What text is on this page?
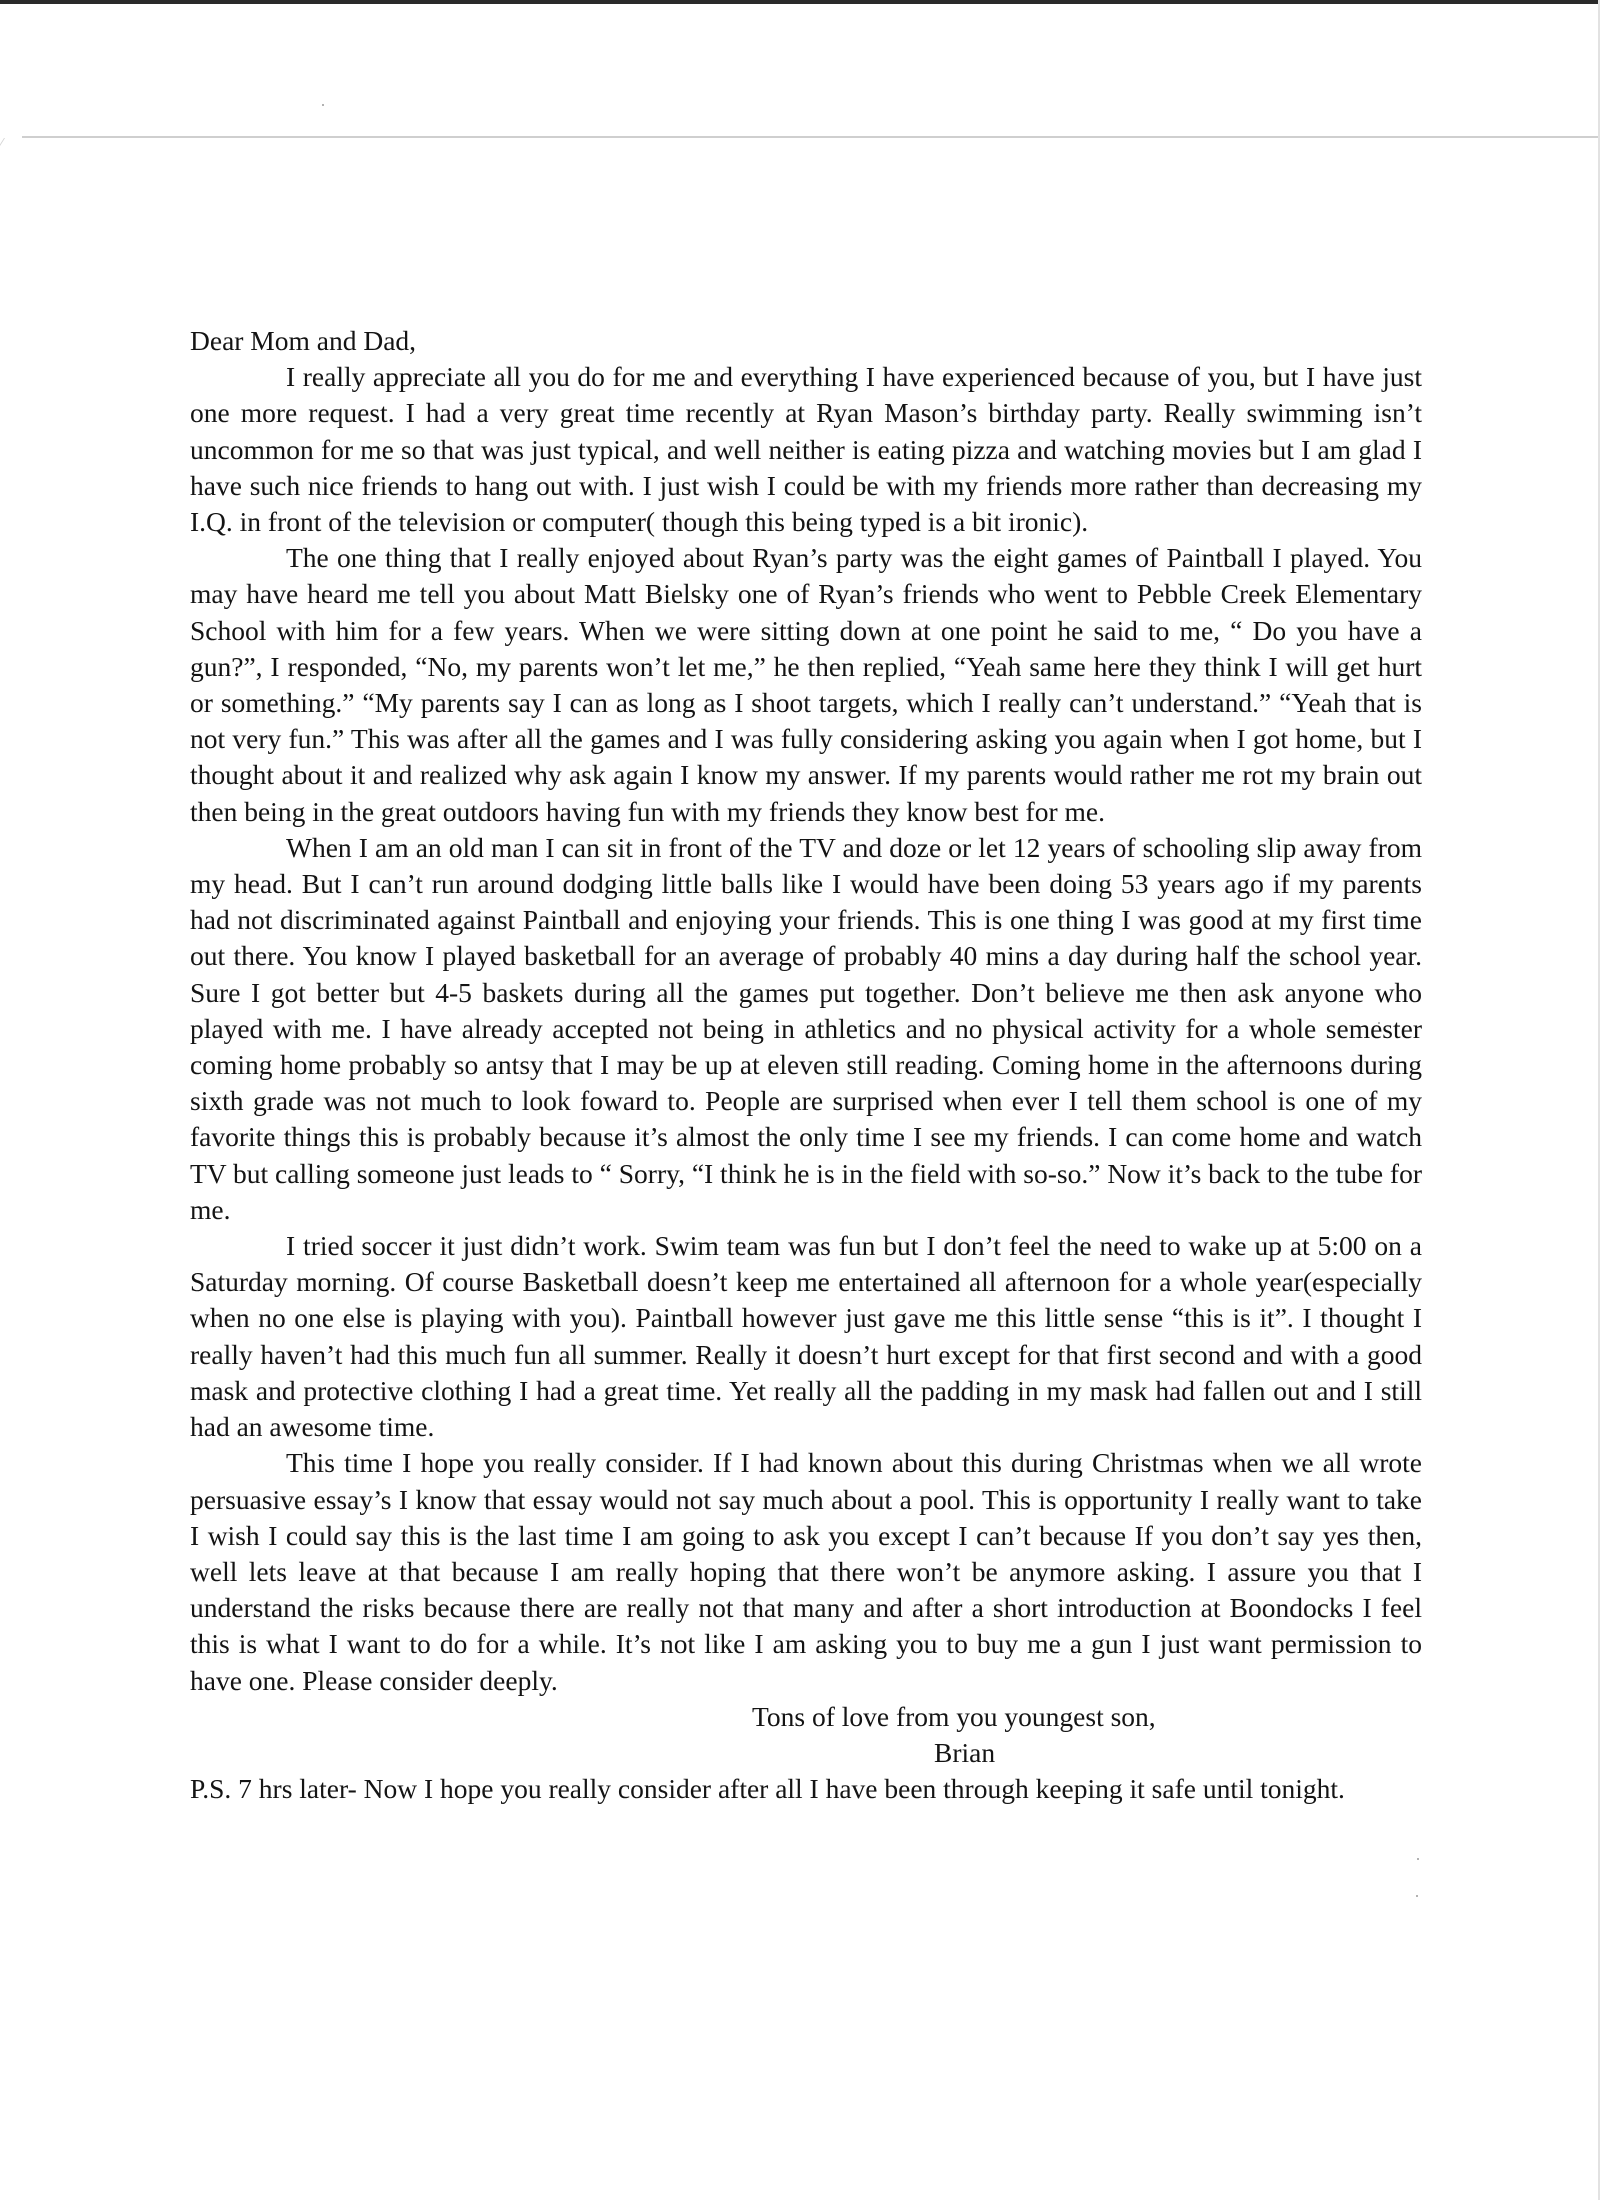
Dear Mom and Dad,

I really appreciate all you do for me and everything I have experienced because of you, but I have just one more request. I had a very great time recently at Ryan Mason’s birthday party. Really swimming isn’t uncommon for me so that was just typical, and well neither is eating pizza and watching movies but I am glad I have such nice friends to hang out with. I just wish I could be with my friends more rather than decreasing my I.Q. in front of the television or computer( though this being typed is a bit ironic).

The one thing that I really enjoyed about Ryan’s party was the eight games of Paintball I played. You may have heard me tell you about Matt Bielsky one of Ryan’s friends who went to Pebble Creek Elementary School with him for a few years. When we were sitting down at one point he said to me, “ Do you have a gun?”, I responded, “No, my parents won’t let me,” he then replied, “Yeah same here they think I will get hurt or something.” “My parents say I can as long as I shoot targets, which I really can’t understand.” “Yeah that is not very fun.” This was after all the games and I was fully considering asking you again when I got home, but I thought about it and realized why ask again I know my answer. If my parents would rather me rot my brain out then being in the great outdoors having fun with my friends they know best for me.

When I am an old man I can sit in front of the TV and doze or let 12 years of schooling slip away from my head. But I can’t run around dodging little balls like I would have been doing 53 years ago if my parents had not discriminated against Paintball and enjoying your friends. This is one thing I was good at my first time out there. You know I played basketball for an average of probably 40 mins a day during half the school year. Sure I got better but 4-5 baskets during all the games put together. Don’t believe me then ask anyone who played with me. I have already accepted not being in athletics and no physical activity for a whole semester coming home probably so antsy that I may be up at eleven still reading. Coming home in the afternoons during sixth grade was not much to look foward to. People are surprised when ever I tell them school is one of my favorite things this is probably because it’s almost the only time I see my friends. I can come home and watch TV but calling someone just leads to “ Sorry, “I think he is in the field with so-so.” Now it’s back to the tube for me.

I tried soccer it just didn’t work. Swim team was fun but I don’t feel the need to wake up at 5:00 on a Saturday morning. Of course Basketball doesn’t keep me entertained all afternoon for a whole year(especially when no one else is playing with you). Paintball however just gave me this little sense “this is it”. I thought I really haven’t had this much fun all summer. Really it doesn’t hurt except for that first second and with a good mask and protective clothing I had a great time. Yet really all the padding in my mask had fallen out and I still had an awesome time.

This time I hope you really consider. If I had known about this during Christmas when we all wrote persuasive essay’s I know that essay would not say much about a pool. This is opportunity I really want to take I wish I could say this is the last time I am going to ask you except I can’t because If you don’t say yes then, well lets leave at that because I am really hoping that there won’t be anymore asking. I assure you that I understand the risks because there are really not that many and after a short introduction at Boondocks I feel this is what I want to do for a while. It’s not like I am asking you to buy me a gun I just want permission to have one. Please consider deeply.

Tons of love from you youngest son,

Brian

P.S. 7 hrs later- Now I hope you really consider after all I have been through keeping it safe until tonight.
